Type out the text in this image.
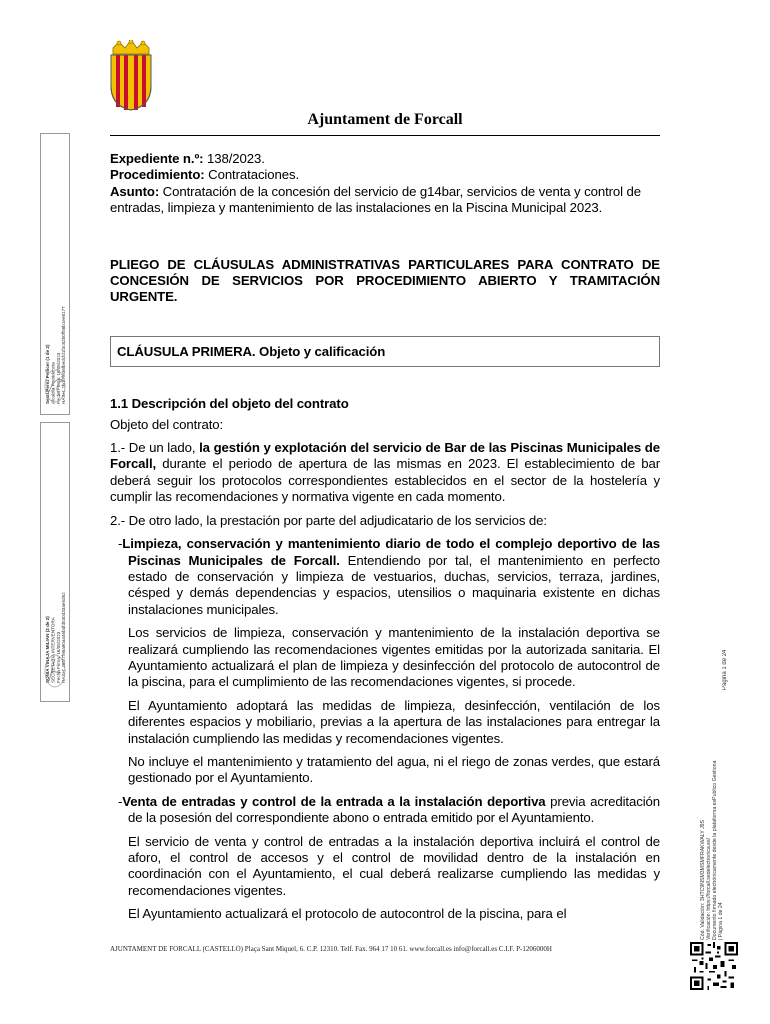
Ajuntament de Forcall
Sesti Perez Pellicer (1 de 2) Alcaldía Presidencia Fecha Firma: 16/05/2023 HASH: 2bdf7fe36fbedcfd1f3c82b0ff58b1ee8177
SONIA VINAJA MILIAN (2 de 2) SECRETARIA INTERVENTORA Fecha Firma: 16/05/2023 HASH: 485f7f98a90a446bdfd530d33ae5d52

Expediente n.º: 138/2023.

Procedimiento: Contrataciones.

Asunto: Contratación de la concesión del servicio de g14bar, servicios de venta y control de entradas, limpieza y mantenimiento de las instalaciones en la Piscina Municipal 2023.

PLIEGO DE CLÁUSULAS ADMINISTRATIVAS PARTICULARES PARA CONTRATO DE CONCESIÓN DE SERVICIOS POR PROCEDIMIENTO ABIERTO Y TRAMITACIÓN URGENTE.

CLÁUSULA PRIMERA. Objeto y calificación

1.1 Descripción del objeto del contrato

Objeto del contrato:

1.- De un lado, la gestión y explotación del servicio de Bar de las Piscinas Municipales de Forcall, durante el periodo de apertura de las mismas en 2023. El establecimiento de bar deberá seguir los protocolos correspondientes establecidos en el sector de la hostelería y cumplir las recomendaciones y normativa vigente en cada momento.

2.- De otro lado, la prestación por parte del adjudicatario de los servicios de:

-Limpieza, conservación y mantenimiento diario de todo el complejo deportivo de las Piscinas Municipales de Forcall. Entendiendo por tal, el mantenimiento en perfecto estado de conservación y limpieza de vestuarios, duchas, servicios, terraza, jardines, césped y demás dependencias y espacios, utensilios o maquinaria existente en dichas instalaciones municipales.
Los servicios de limpieza, conservación y mantenimiento de la instalación deportiva se realizará cumpliendo las recomendaciones vigentes emitidas por la autorizada sanitaria. El Ayuntamiento actualizará el plan de limpieza y desinfección del protocolo de autocontrol de la piscina, para el cumplimiento de las recomendaciones vigentes, si procede.
El Ayuntamiento adoptará las medidas de limpieza, desinfección, ventilación de los diferentes espacios y mobiliario, previas a la apertura de las instalaciones para entregar la instalación cumpliendo las medidas y recomendaciones vigentes.
No incluye el mantenimiento y tratamiento del agua, ni el riego de zonas verdes, que estará gestionado por el Ayuntamiento.
-Venta de entradas y control de la entrada a la instalación deportiva previa acreditación de la posesión del correspondiente abono o entrada emitido por el Ayuntamiento.
El servicio de venta y control de entradas a la instalación deportiva incluirá el control de aforo, el control de accesos y el control de movilidad dentro de la instalación en coordinación con el Ayuntamiento, el cual deberá realizarse cumpliendo las medidas y recomendaciones vigentes.
El Ayuntamiento actualizará el protocolo de autocontrol de la piscina, para el
AJUNTAMENT DE FORCALL (CASTELLÓ) Plaça Sant Miquel, 6. C.P. 12310. Telf. Fax. 964 17 10 61. www.forcall.es info@forcall.es C.I.F. P-1206000H
Página 1 de 24
Cód. Validación: 3HTC9NSM3MSMFRAKWALY J9S Verificación: https://forcall.sedelectronica.es/ Documento firmado electrónicamente desde la plataforma esPublico Gestiona | Página 1 de 24
